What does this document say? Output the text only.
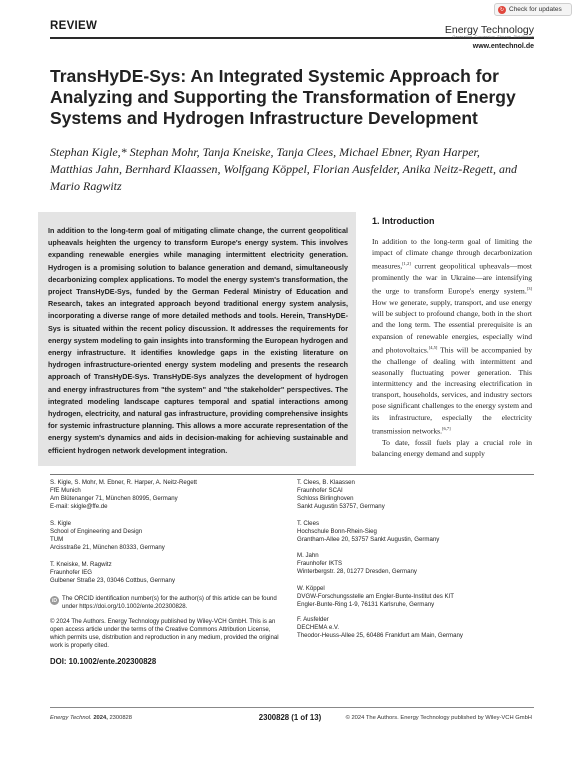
REVIEW	Energy Technology
Generation, Conversion, Storage, Distribution
www.entechnol.de
↻ Check for updates
TransHyDE-Sys: An Integrated Systemic Approach for Analyzing and Supporting the Transformation of Energy Systems and Hydrogen Infrastructure Development
Stephan Kigle,* Stephan Mohr, Tanja Kneiske, Tanja Clees, Michael Ebner, Ryan Harper, Matthias Jahn, Bernhard Klaassen, Wolfgang Köppel, Florian Ausfelder, Anika Neitz-Regett, and Mario Ragwitz

In addition to the long-term goal of mitigating climate change, the current geopolitical upheavals heighten the urgency to transform Europe's energy system. This involves expanding renewable energies while managing intermittent electricity generation. Hydrogen is a promising solution to balance generation and demand, simultaneously decarbonizing complex applications. To model the energy system's transformation, the project TransHyDE-Sys, funded by the German Federal Ministry of Education and Research, takes an integrated approach beyond traditional energy system analysis, incorporating a diverse range of more detailed methods and tools. Herein, TransHyDE-Sys is situated within the recent policy discussion. It addresses the requirements for energy system modeling to gain insights into transforming the European hydrogen and energy infrastructure. It identifies knowledge gaps in the existing literature on hydrogen infrastructure-oriented energy system modeling and presents the research approach of TransHyDE-Sys. TransHyDE-Sys analyzes the development of hydrogen and energy infrastructures from "the system" and "the stakeholder" perspectives. The integrated modeling landscape captures temporal and spatial interactions among hydrogen, electricity, and natural gas infrastructure, providing comprehensive insights for systemic infrastructure planning. This allows a more accurate representation of the energy system's dynamics and aids in decision-making for achieving sustainable and efficient hydrogen network development integration.

1. Introduction

In addition to the long-term goal of limiting the impact of climate change through decarbonization measures,[1,2] current geopolitical upheavals—most prominently the war in Ukraine—are intensifying the urge to transform Europe's energy system.[3] How we generate, supply, transport, and use energy will be subject to profound change, both in the short and the long term. The essential prerequisite is an expansion of renewable energies, especially wind and photovoltaics.[4,5] This will be accompanied by the challenge of dealing with intermittent and seasonally fluctuating power generation. This intermittency and the increasing electrification in transport, households, services, and industry sectors pose significant challenges to the energy system and its infrastructure, especially the electricity transmission networks.[6,7]

To date, fossil fuels play a crucial role in balancing energy demand and supply

S. Kigle, S. Mohr, M. Ebner, R. Harper, A. Neitz-Regett
FfE Munich
Am Blütenanger 71, München 80995, Germany
E-mail: skigle@ffe.de

S. Kigle
School of Engineering and Design
TUM
Arcisstraße 21, München 80333, Germany

T. Kneiske, M. Ragwitz
Fraunhofer IEG
Gulbener Straße 23, 03046 Cottbus, Germany

T. Clees, B. Klaassen
Fraunhofer SCAI
Schloss Birlinghoven
Sankt Augustin 53757, Germany

T. Clees
Hochschule Bonn-Rhein-Sieg
Grantham-Allee 20, 53757 Sankt Augustin, Germany

M. Jahn
Fraunhofer IKTS
Winterbergstr. 28, 01277 Dresden, Germany

W. Köppel
DVGW-Forschungsstelle am Engler-Bunte-Institut des KIT
Engler-Bunte-Ring 1-9, 76131 Karlsruhe, Germany

F. Ausfelder
DECHEMA e.V.
Theodor-Heuss-Allee 25, 60486 Frankfurt am Main, Germany

iD The ORCID identification number(s) for the author(s) of this article can be found under https://doi.org/10.1002/ente.202300828.

© 2024 The Authors. Energy Technology published by Wiley-VCH GmbH. This is an open access article under the terms of the Creative Commons Attribution License, which permits use, distribution and reproduction in any medium, provided the original work is properly cited.

DOI: 10.1002/ente.202300828
Energy Technol. 2024, 2300828	2300828 (1 of 13)	© 2024 The Authors. Energy Technology published by Wiley-VCH GmbH
